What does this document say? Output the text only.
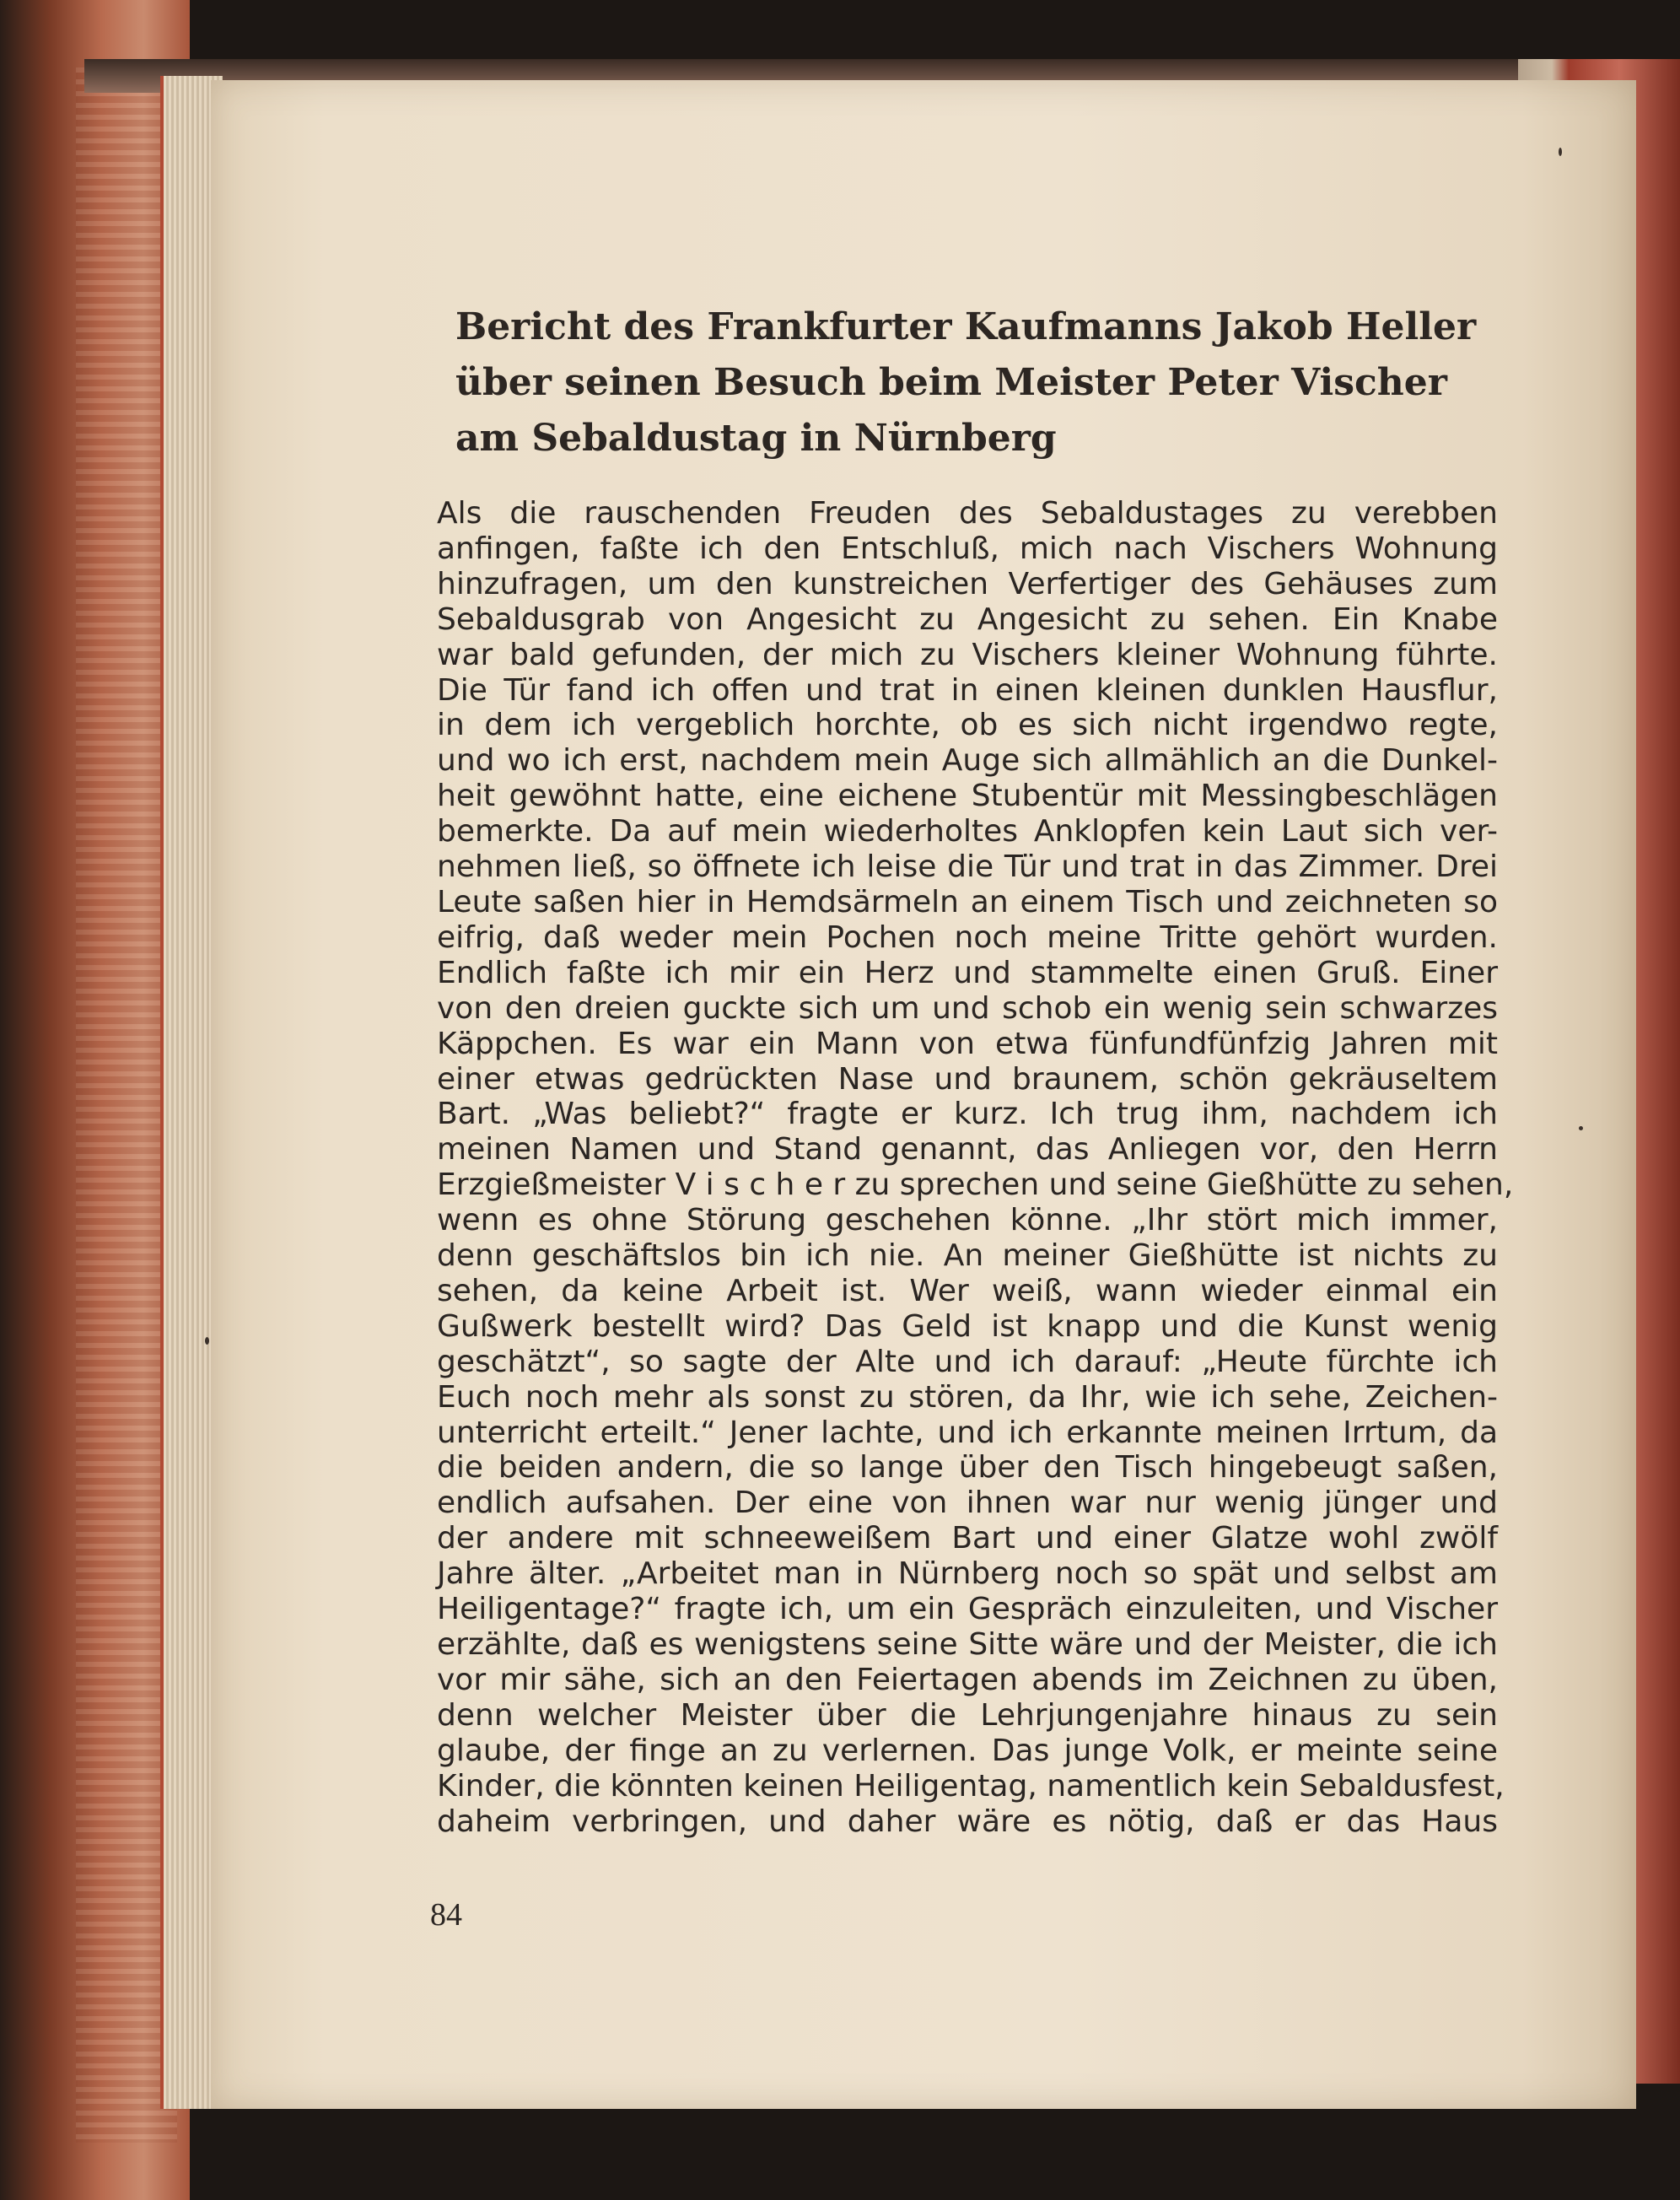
Bericht des Frankfurter Kaufmanns Jakob Heller
über seinen Besuch beim Meister Peter Vischer
am Sebaldustag in Nürnberg
Als die rauschenden Freuden des Sebaldustages zu verebben
anfingen, faßte ich den Entschluß, mich nach Vischers Wohnung
hinzufragen, um den kunstreichen Verfertiger des Gehäuses zum
Sebaldusgrab von Angesicht zu Angesicht zu sehen. Ein Knabe
war bald gefunden, der mich zu Vischers kleiner Wohnung führte.
Die Tür fand ich offen und trat in einen kleinen dunklen Hausflur,
in dem ich vergeblich horchte, ob es sich nicht irgendwo regte,
und wo ich erst, nachdem mein Auge sich allmählich an die Dunkel-
heit gewöhnt hatte, eine eichene Stubentür mit Messingbeschlägen
bemerkte. Da auf mein wiederholtes Anklopfen kein Laut sich ver-
nehmen ließ, so öffnete ich leise die Tür und trat in das Zimmer. Drei
Leute saßen hier in Hemdsärmeln an einem Tisch und zeichneten so
eifrig, daß weder mein Pochen noch meine Tritte gehört wurden.
Endlich faßte ich mir ein Herz und stammelte einen Gruß. Einer
von den dreien guckte sich um und schob ein wenig sein schwarzes
Käppchen. Es war ein Mann von etwa fünfundfünfzig Jahren mit
einer etwas gedrückten Nase und braunem, schön gekräuseltem
Bart. „Was beliebt?“ fragte er kurz. Ich trug ihm, nachdem ich
meinen Namen und Stand genannt, das Anliegen vor, den Herrn
Erzgießmeister V i s c h e r zu sprechen und seine Gießhütte zu sehen,
wenn es ohne Störung geschehen könne. „Ihr stört mich immer,
denn geschäftslos bin ich nie. An meiner Gießhütte ist nichts zu
sehen, da keine Arbeit ist. Wer weiß, wann wieder einmal ein
Gußwerk bestellt wird? Das Geld ist knapp und die Kunst wenig
geschätzt“, so sagte der Alte und ich darauf: „Heute fürchte ich
Euch noch mehr als sonst zu stören, da Ihr, wie ich sehe, Zeichen-
unterricht erteilt.“ Jener lachte, und ich erkannte meinen Irrtum, da
die beiden andern, die so lange über den Tisch hingebeugt saßen,
endlich aufsahen. Der eine von ihnen war nur wenig jünger und
der andere mit schneeweißem Bart und einer Glatze wohl zwölf
Jahre älter. „Arbeitet man in Nürnberg noch so spät und selbst am
Heiligentage?“ fragte ich, um ein Gespräch einzuleiten, und Vischer
erzählte, daß es wenigstens seine Sitte wäre und der Meister, die ich
vor mir sähe, sich an den Feiertagen abends im Zeichnen zu üben,
denn welcher Meister über die Lehrjungenjahre hinaus zu sein
glaube, der finge an zu verlernen. Das junge Volk, er meinte seine
Kinder, die könnten keinen Heiligentag, namentlich kein Sebaldusfest,
daheim verbringen, und daher wäre es nötig, daß er das Haus
84
